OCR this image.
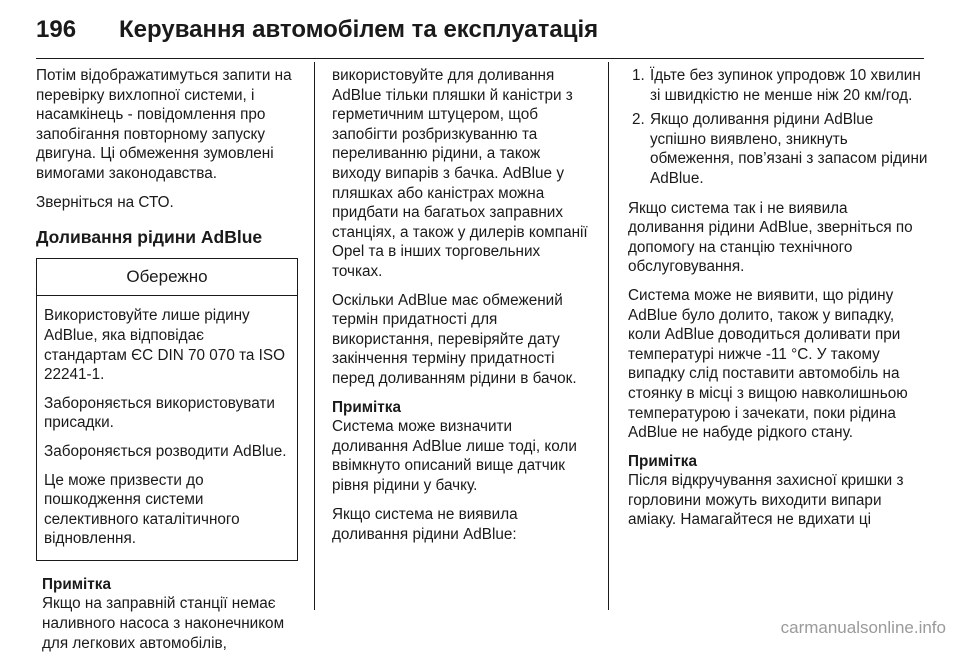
196 Керування автомобілем та експлуатація

Потім відображатимуться запити на перевірку вихлопної системи, і насамкінець - повідомлення про запобігання повторному запуску двигуна. Ці обмеження зумовлені вимогами законодавства.

Зверніться на СТО.

Доливання рідини AdBlue
Обережно

Використовуйте лише рідину AdBlue, яка відповідає стандартам ЄС DIN 70 070 та ISO 22241-1.

Забороняється використовувати присадки.

Забороняється розводити AdBlue.

Це може призвести до пошкодження системи селективного каталітичного відновлення.

Примітка
Якщо на заправній станції немає наливного насоса з наконечником для легкових автомобілів,

використовуйте для доливання AdBlue тільки пляшки й каністри з герметичним штуцером, щоб запобігти розбризкуванню та переливанню рідини, а також виходу випарів з бачка. AdBlue у пляшках або каністрах можна придбати на багатьох заправних станціях, а також у дилерів компанії Opel та в інших торговельних точках.

Оскільки AdBlue має обмежений термін придатності для використання, перевіряйте дату закінчення терміну придатності перед доливанням рідини в бачок.

Примітка
Система може визначити доливання AdBlue лише тоді, коли ввімкнуто описаний вище датчик рівня рідини у бачку.

Якщо система не виявила доливання рідини AdBlue:

1. Їдьте без зупинок упродовж 10 хвилин зі швидкістю не менше ніж 20 км/год.
2. Якщо доливання рідини AdBlue успішно виявлено, зникнуть обмеження, пов’язані з запасом рідини AdBlue.

Якщо система так і не виявила доливання рідини AdBlue, зверніться по допомогу на станцію технічного обслуговування.

Система може не виявити, що рідину AdBlue було долито, також у випадку, коли AdBlue доводиться доливати при температурі нижче -11 °C. У такому випадку слід поставити автомобіль на стоянку в місці з вищою навколишньою температурою і зачекати, поки рідина AdBlue не набуде рідкого стану.

Примітка
Після відкручування захисної кришки з горловини можуть виходити випари аміаку. Намагайтеся не вдихати ці
carmanualsonline.info
